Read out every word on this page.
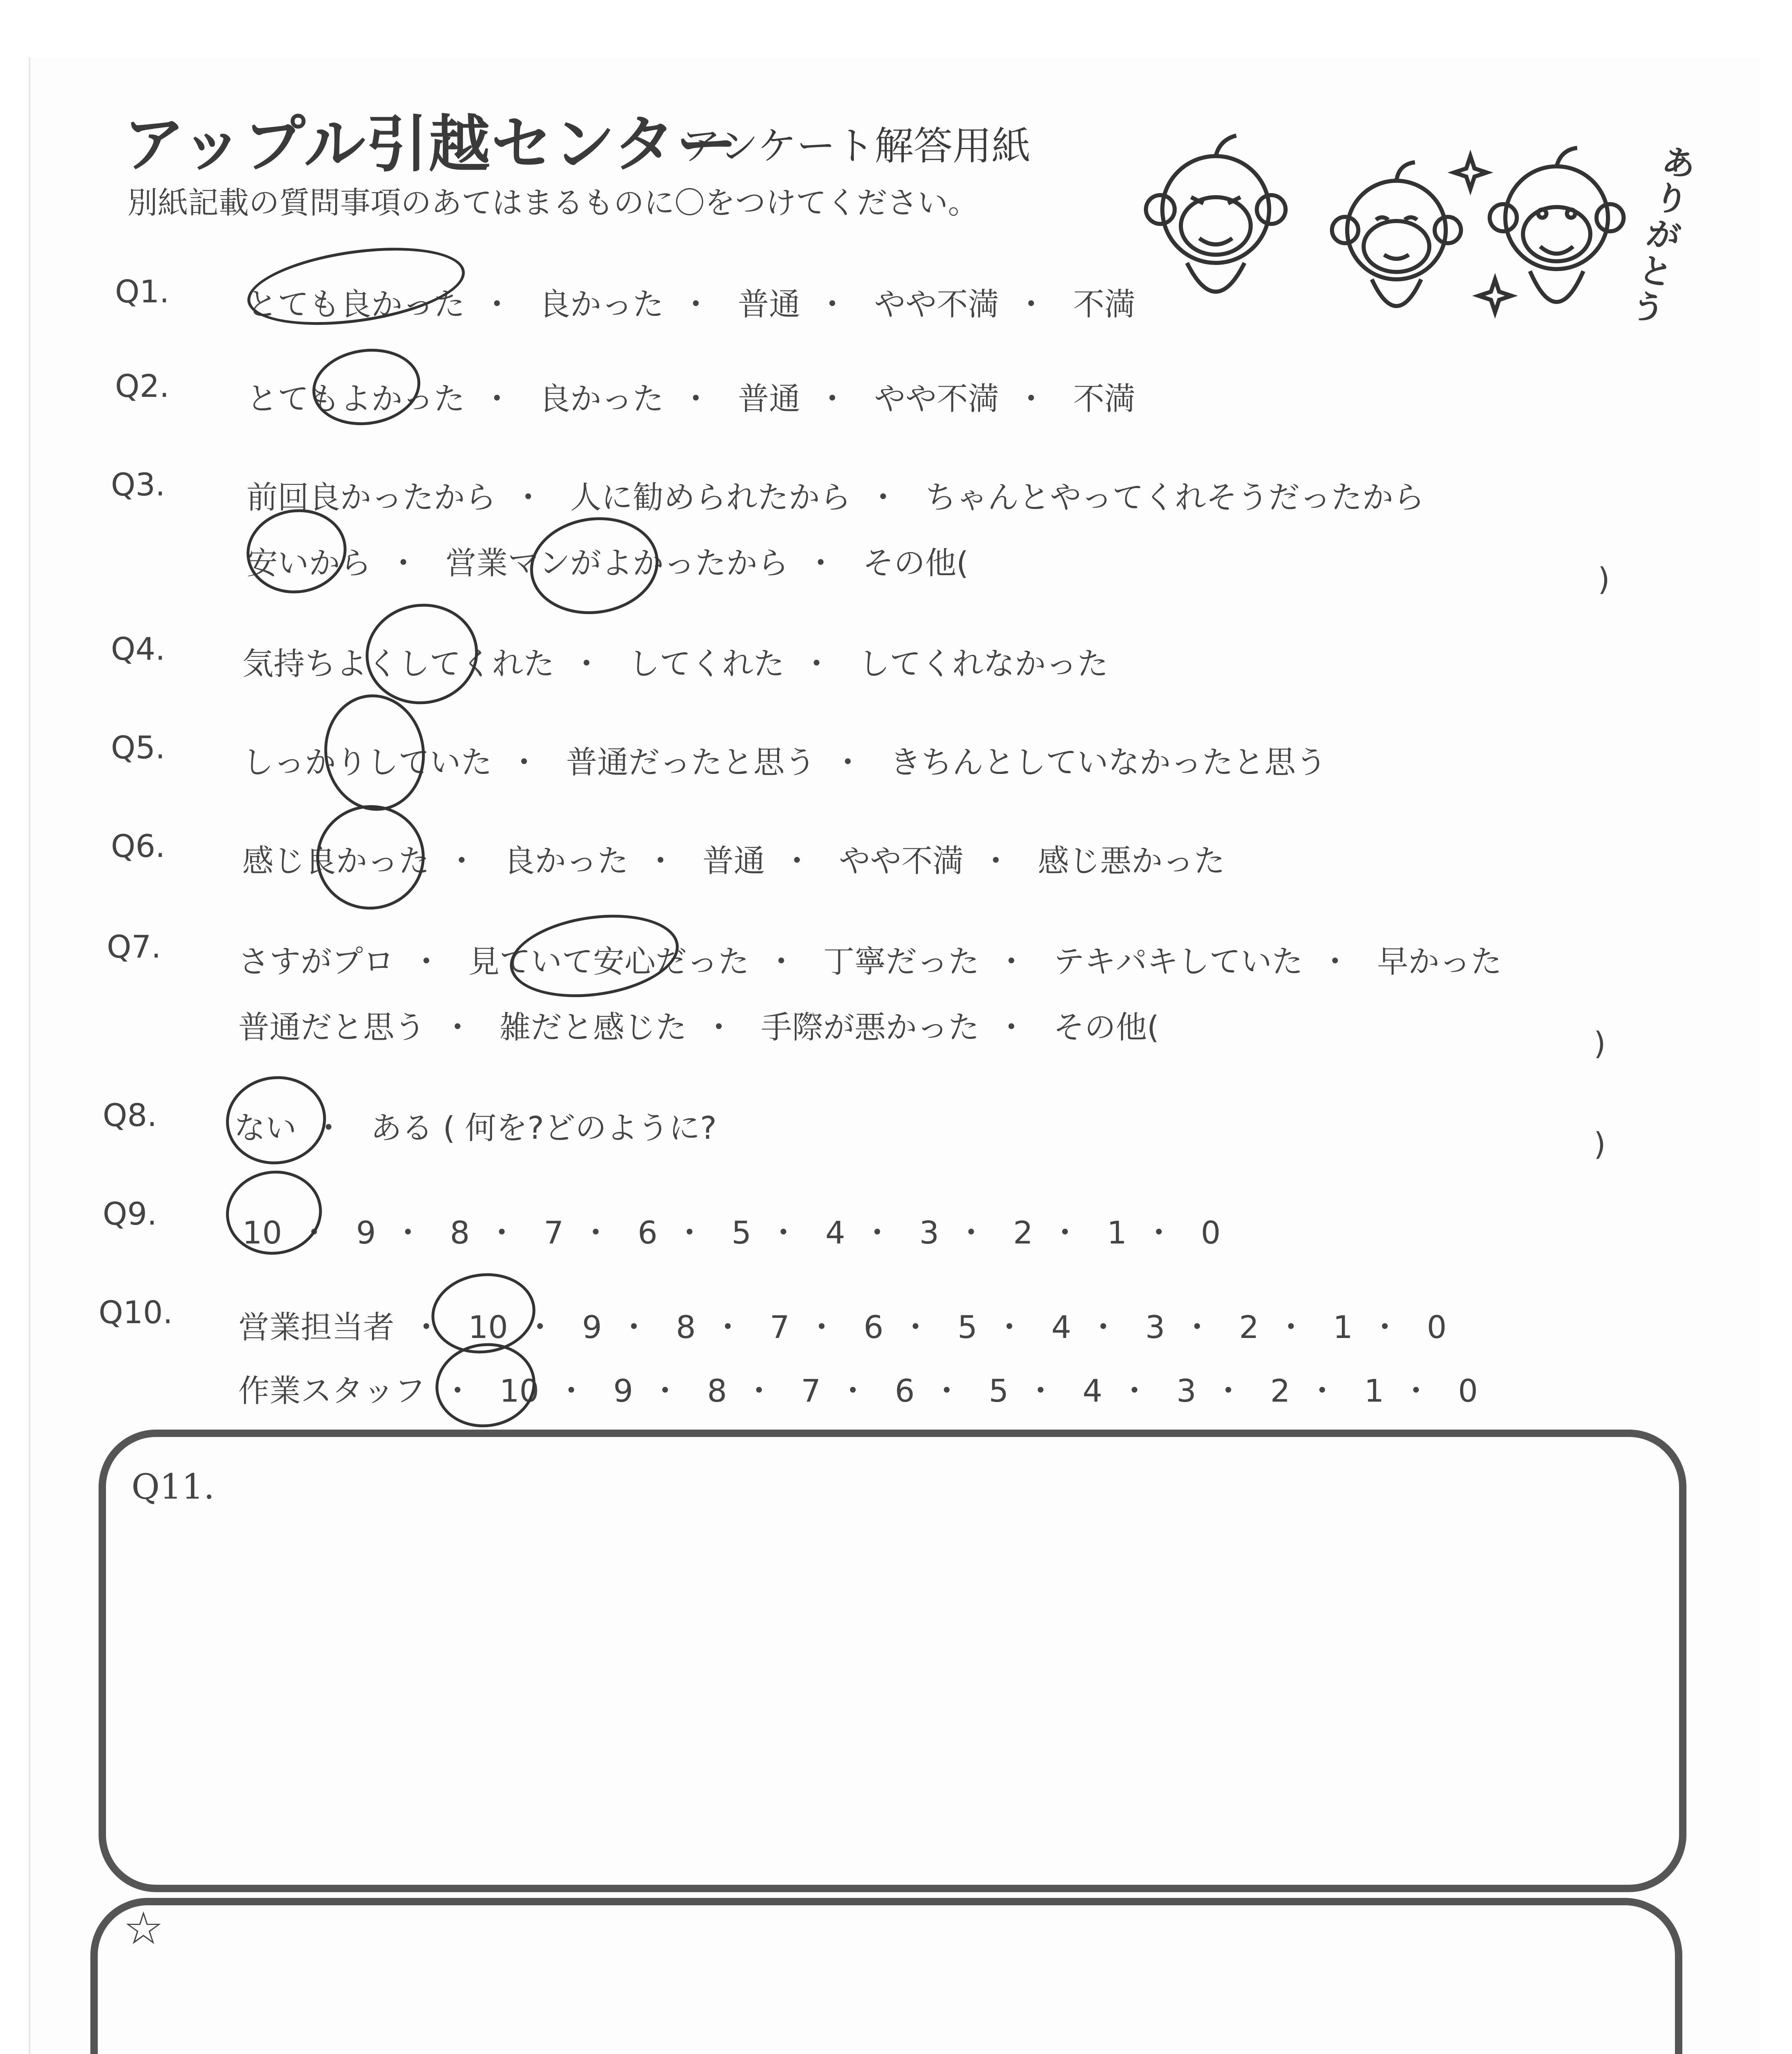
アップル引越センター
アンケート解答用紙
別紙記載の質問事項のあてはまるものに〇をつけてください。
ありがとう
Q1. とても良かった ・ 良かった ・ 普通 ・ やや不満 ・ 不満
Q2. とてもよかった ・ 良かった ・ 普通 ・ やや不満 ・ 不満
Q3.	前回良かったから ・ 人に勧められたから ・ ちゃんとやってくれそうだったから
安いから ・ 営業マンがよかったから ・ その他(	)
Q4. 気持ちよくしてくれた ・ してくれた ・ してくれなかった
Q5. しっかりしていた ・ 普通だったと思う ・ きちんとしていなかったと思う
Q6. 感じ良かった ・ 良かった ・ 普通 ・ やや不満 ・ 感じ悪かった
Q7. さすがプロ ・ 見ていて安心だった ・ 丁寧だった ・ テキパキしていた ・ 早かった
普通だと思う ・ 雑だと感じた ・ 手際が悪かった ・ その他(	)
Q8. ない ・ ある ( 何を?どのように?	)
Q9.
10 ・ 9 ・ 8 ・ 7 ・ 6 ・ 5 ・ 4 ・ 3 ・ 2 ・ 1 ・ 0
Q10. 営業担当者 ・ 10 ・ 9 ・ 8 ・ 7 ・ 6 ・ 5 ・ 4 ・ 3 ・ 2 ・ 1 ・ 0
作業スタッフ ・ 10 ・ 9 ・ 8 ・ 7 ・ 6 ・ 5 ・ 4 ・ 3 ・ 2 ・ 1 ・ 0
Q11.
☆
